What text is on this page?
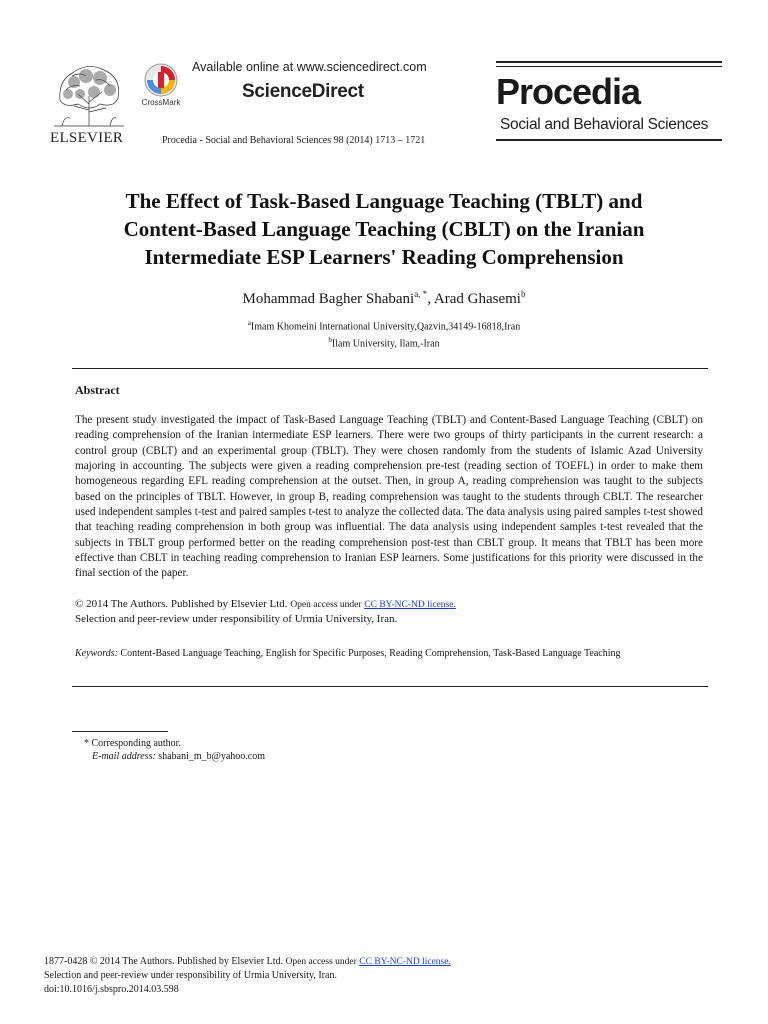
ELSEVIER
CrossMark
Available online at www.sciencedirect.com
ScienceDirect
Procedia - Social and Behavioral Sciences 98 (2014) 1713 – 1721
Procedia
Social and Behavioral Sciences
The Effect of Task-Based Language Teaching (TBLT) and
Content-Based Language Teaching (CBLT) on the Iranian
Intermediate ESP Learners' Reading Comprehension
Mohammad Bagher Shabani$^{a, *}$, Arad Ghasemi$^b$
$^a$Imam Khomeini International University,Qazvin,34149-16818,Iran
$^b$Ilam University, Ilam,-Iran
Abstract
The present study investigated the impact of Task-Based Language Teaching (TBLT) and Content-Based Language Teaching (CBLT) on reading comprehension of the Iranian intermediate ESP learners. There were two groups of thirty participants in the current research: a control group (CBLT) and an experimental group (TBLT). They were chosen randomly from the students of Islamic Azad University majoring in accounting. The subjects were given a reading comprehension pre-test (reading section of TOEFL) in order to make them homogeneous regarding EFL reading comprehension at the outset. Then, in group A, reading comprehension was taught to the subjects based on the principles of TBLT. However, in group B, reading comprehension was taught to the students through CBLT. The researcher used independent samples t-test and paired samples t-test to analyze the collected data. The data analysis using paired samples t-test showed that teaching reading comprehension in both group was influential. The data analysis using independent samples t-test revealed that the subjects in TBLT group performed better on the reading comprehension post-test than CBLT group. It means that TBLT has been more effective than CBLT in teaching reading comprehension to Iranian ESP learners. Some justifications for this priority were discussed in the final section of the paper.
© 2014 The Authors. Published by Elsevier Ltd. Open access under CC BY-NC-ND license.
Selection and peer-review under responsibility of Urmia University, Iran.
Keywords: Content-Based Language Teaching, English for Specific Purposes, Reading Comprehension, Task-Based Language Teaching
* Corresponding author.
E-mail address: shabani_m_b@yahoo.com
1877-0428 © 2014 The Authors. Published by Elsevier Ltd. Open access under CC BY-NC-ND license.
Selection and peer-review under responsibility of Urmia University, Iran.
doi:10.1016/j.sbspro.2014.03.598
